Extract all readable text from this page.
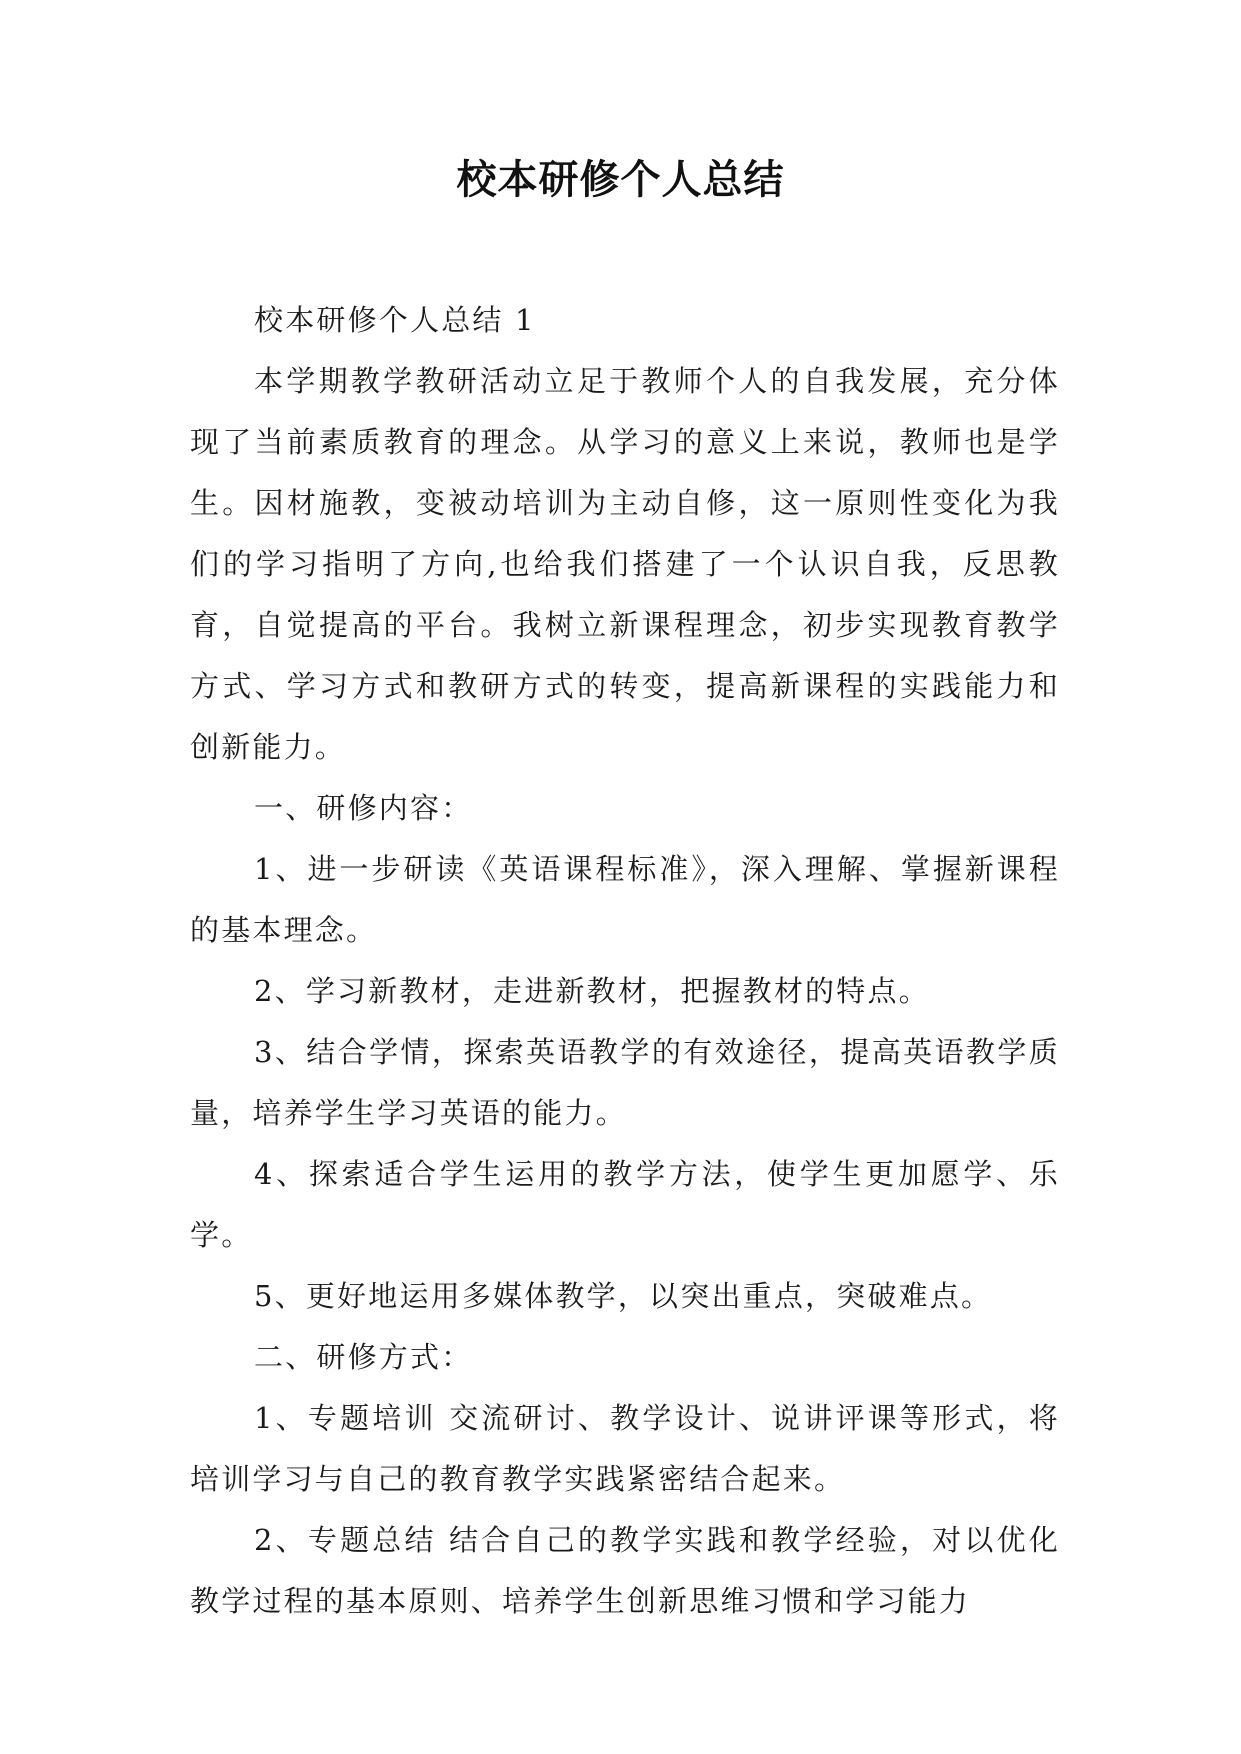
校本研修个人总结

校本研修个人总结 1

本学期教学教研活动立足于教师个人的自我发展，充分体现了当前素质教育的理念。从学习的意义上来说，教师也是学生。因材施教，变被动培训为主动自修，这一原则性变化为我们的学习指明了方向,也给我们搭建了一个认识自我，反思教育，自觉提高的平台。我树立新课程理念，初步实现教育教学方式、学习方式和教研方式的转变，提高新课程的实践能力和创新能力。

一、研修内容：

1、进一步研读《英语课程标准》，深入理解、掌握新课程的基本理念。

2、学习新教材，走进新教材，把握教材的特点。

3、结合学情，探索英语教学的有效途径，提高英语教学质量，培养学生学习英语的能力。

4、探索适合学生运用的教学方法，使学生更加愿学、乐学。

5、更好地运用多媒体教学，以突出重点，突破难点。

二、研修方式：

1、专题培训 交流研讨、教学设计、说讲评课等形式，将培训学习与自己的教育教学实践紧密结合起来。

2、专题总结 结合自己的教学实践和教学经验，对以优化教学过程的基本原则、培养学生创新思维习惯和学习能力
